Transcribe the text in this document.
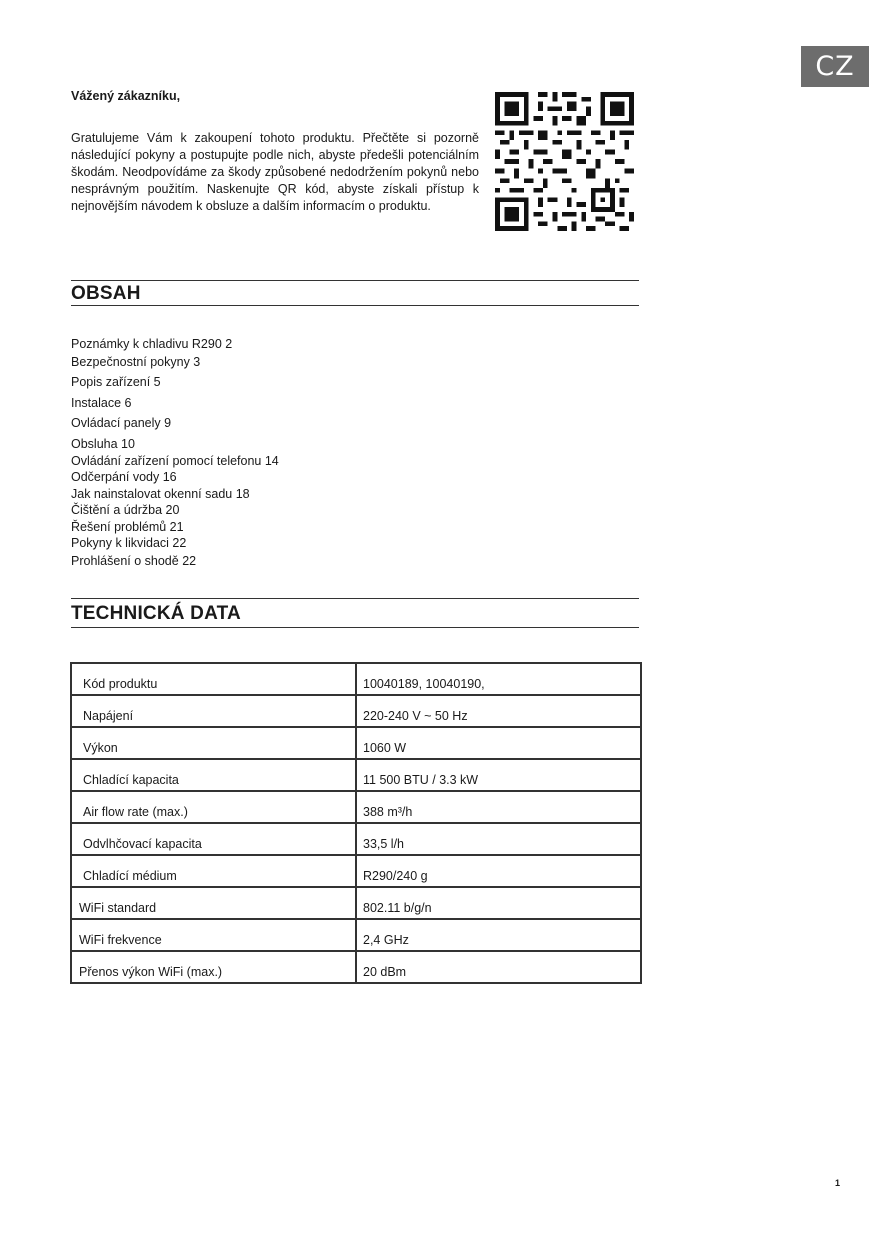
CZ
Vážený zákazníku,

Gratulujeme Vám k zakoupení tohoto produktu. Přečtěte si pozorně následující pokyny a postupujte podle nich, abyste předešli potenciálním škodám. Neodpovídáme za škody způsobené nedodržením pokynů nebo nesprávným použitím. Naskenujte QR kód, abyste získali přístup k nejnovějším návodem k obsluze a dalším informacím o produktu.

OBSAH
Poznámky k chladivu R290 2
Bezpečnostní pokyny 3
Popis zařízení 5
Instalace 6
Ovládací panely 9
Obsluha 10
Ovládání zařízení pomocí telefonu 14
Odčerpání vody 16
Jak nainstalovat okenní sadu 18
Čištění a údržba 20
Řešení problémů 21
Pokyny k likvidaci 22
Prohlášení o shodě 22
TECHNICKÁ DATA
Kód produktu	10040189, 10040190,

Napájení	220-240 V ~ 50 Hz

Výkon	1060 W

Chladící kapacita	11 500 BTU / 3.3 kW

Air flow rate (max.)	388 m³/h

Odvlhčovací kapacita	33,5 l/h

Chladící médium	R290/240 g

WiFi standard	802.11 b/g/n

WiFi frekvence	2,4 GHz

Přenos výkon WiFi (max.)	20 dBm
1
